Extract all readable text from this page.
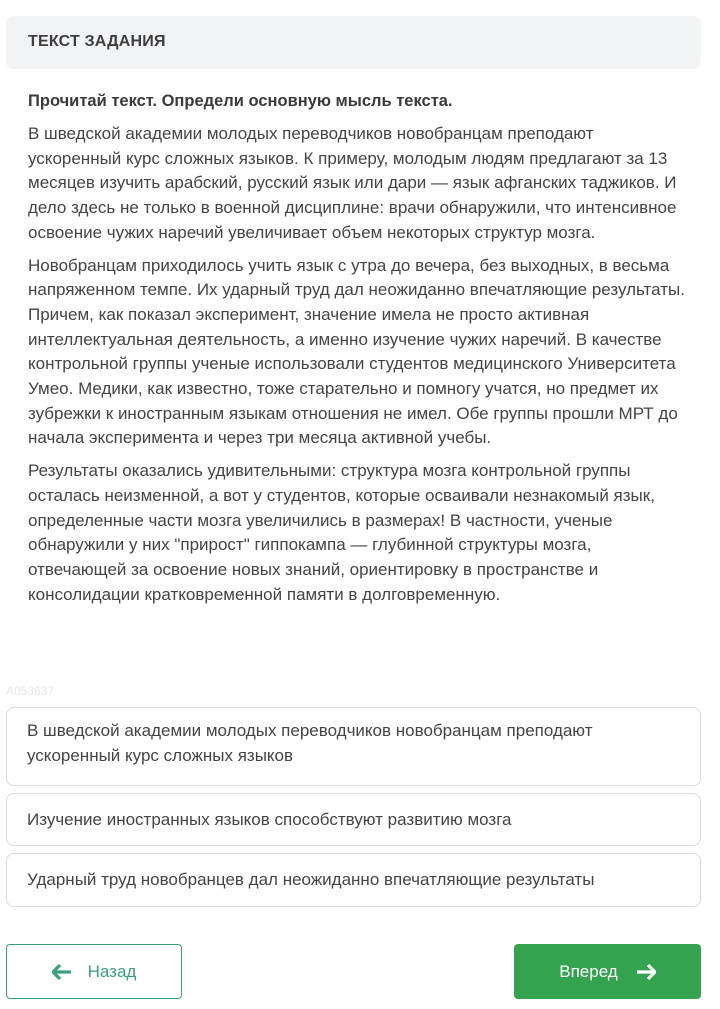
ТЕКСТ ЗАДАНИЯ
Прочитай текст. Определи основную мысль текста.

В шведской академии молодых переводчиков новобранцам преподают ускоренный курс сложных языков. К примеру, молодым людям предлагают за 13 месяцев изучить арабский, русский язык или дари — язык афганских таджиков. И дело здесь не только в военной дисциплине: врачи обнаружили, что интенсивное освоение чужих наречий увеличивает объем некоторых структур мозга.

Новобранцам приходилось учить язык с утра до вечера, без выходных, в весьма напряженном темпе. Их ударный труд дал неожиданно впечатляющие результаты. Причем, как показал эксперимент, значение имела не просто активная интеллектуальная деятельность, а именно изучение чужих наречий. В качестве контрольной группы ученые использовали студентов медицинского Университета Умео. Медики, как известно, тоже старательно и помногу учатся, но предмет их зубрежки к иностранным языкам отношения не имел. Обе группы прошли МРТ до начала эксперимента и через три месяца активной учебы.

Результаты оказались удивительными: структура мозга контрольной группы осталась неизменной, а вот у студентов, которые осваивали незнакомый язык, определенные части мозга увеличились в размерах! В частности, ученые обнаружили у них "прирост" гиппокампа — глубинной структуры мозга, отвечающей за освоение новых знаний, ориентировку в пространстве и консолидации кратковременной памяти в долговременную.

A053637
В шведской академии молодых переводчиков новобранцам преподают ускоренный курс сложных языков
Изучение иностранных языков способствуют развитию мозга
Ударный труд новобранцев дал неожиданно впечатляющие результаты
Назад	Вперед
